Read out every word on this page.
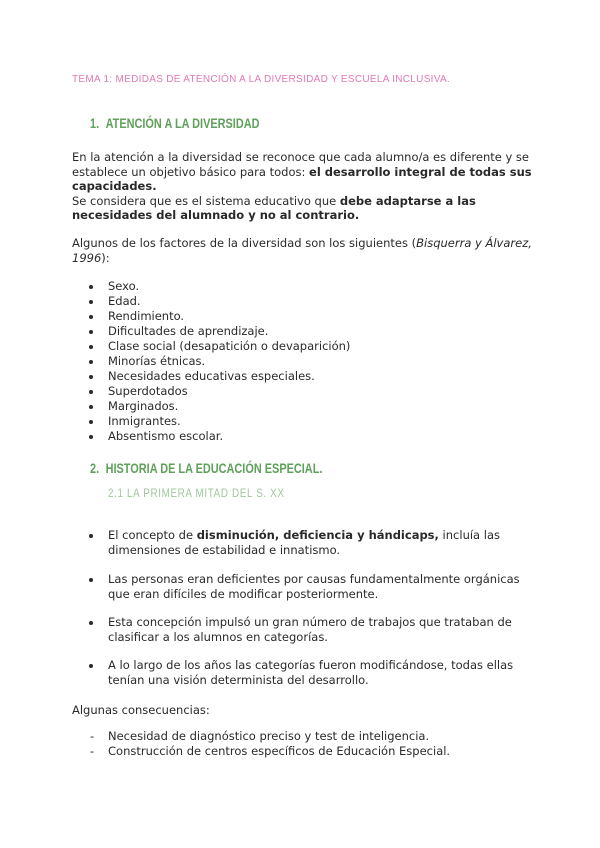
TEMA 1: MEDIDAS DE ATENCIÓN A LA DIVERSIDAD Y ESCUELA INCLUSIVA.
1. ATENCIÓN A LA DIVERSIDAD
En la atención a la diversidad se reconoce que cada alumno/a es diferente y se establece un objetivo básico para todos: el desarrollo integral de todas sus capacidades.
Se considera que es el sistema educativo que debe adaptarse a las necesidades del alumnado y no al contrario.
Algunos de los factores de la diversidad son los siguientes (Bisquerra y Álvarez, 1996):
Sexo.
Edad.
Rendimiento.
Dificultades de aprendizaje.
Clase social (desapatición o devaparición)
Minorías étnicas.
Necesidades educativas especiales.
Superdotados
Marginados.
Inmigrantes.
Absentismo escolar.
2. HISTORIA DE LA EDUCACIÓN ESPECIAL.
2.1 LA PRIMERA MITAD DEL S. XX
El concepto de disminución, deficiencia y hándicaps, incluía las dimensiones de estabilidad e innatismo.
Las personas eran deficientes por causas fundamentalmente orgánicas que eran difíciles de modificar posteriormente.
Esta concepción impulsó un gran número de trabajos que trataban de clasificar a los alumnos en categorías.
A lo largo de los años las categorías fueron modificándose, todas ellas tenían una visión determinista del desarrollo.
Algunas consecuencias:
- Necesidad de diagnóstico preciso y test de inteligencia.
- Construcción de centros específicos de Educación Especial.
